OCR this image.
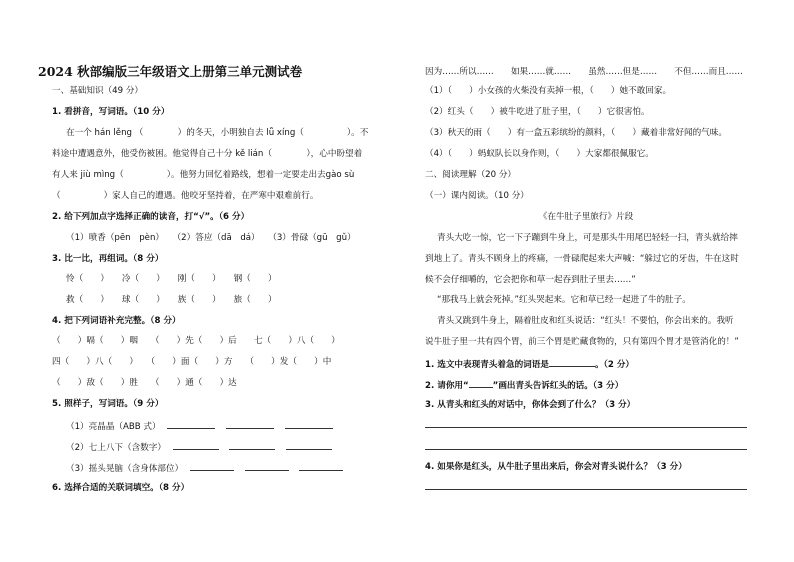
2024 秋部编版三年级语文上册第三单元测试卷
一、基础知识（49 分）
1. 看拼音，写词语。（10 分）
在一个 hán lěng （　　　　）的冬天，小明独自去 lǚ xíng（　　　　　）。不
料途中遭遇意外，他受伤被困。他觉得自己十分 kě lián（　　　　），心中盼望着
有人来 jiù mìng（　　　　　）。他努力回忆着路线，想着一定要走出去gào sù
（　　　　　）家人自己的遭遇。他咬牙坚持着，在严寒中艰难前行。
2. 给下列加点字选择正确的读音，打“√”。（6 分）
（1）喷香（pēn　pèn）　　（2）答应（dā　dá）　　（3）骨碌（gū　gǔ）
3. 比一比，再组词。（8 分）
怜（　　）　　冷（　　）　　刚（　　）　　钢（　　）
救（　　）　　球（　　）　　族（　　）　　旅（　　）
4. 把下列词语补充完整。（8 分）
（　　）嗝（　　）咽　　（　　）先（　　）后　　七（　　）八（　　）
四（　　）八（　　）　　（　　）面（　　）方　　（　　）发（　　）中
（　　）敌（　　）胜　　（　　）通（　　）达
5. 照样子，写词语。（9 分）
（1）亮晶晶（ABB 式）
（2）七上八下（含数字）
（3）摇头晃脑（含身体部位）
6. 选择合适的关联词填空。（8 分）
因为……所以……　　如果……就……　　虽然……但是……　　不但……而且……
（1）（　　）小女孩的火柴没有卖掉一根，（　　）她不敢回家。
（2）红头（　　）被牛吃进了肚子里，（　　）它很害怕。
（3）秋天的雨（　　）有一盒五彩缤纷的颜料，（　　）藏着非常好闻的气味。
（4）（　　）蚂蚁队长以身作则，（　　）大家都很佩服它。
二、阅读理解（20 分）
（一）课内阅读。（10 分）
《在牛肚子里旅行》片段
青头大吃一惊，它一下子蹦到牛身上，可是那头牛用尾巴轻轻一扫，青头就给摔
到地上了。青头不顾身上的疼痛，一骨碌爬起来大声喊：“躲过它的牙齿，牛在这时
候不会仔细嚼的，它会把你和草一起吞到肚子里去……”
“那我马上就会死掉。”红头哭起来。它和草已经一起进了牛的肚子。
青头又跳到牛身上，隔着肚皮和红头说话：“红头！不要怕，你会出来的。我听
说牛肚子里一共有四个胃，前三个胃是贮藏食物的，只有第四个胃才是管消化的！”
1. 选文中表现青头着急的词语是	。（2 分）
2. 请你用“	”画出青头告诉红头的话。（3 分）
3. 从青头和红头的对话中，你体会到了什么？（3 分）
4. 如果你是红头，从牛肚子里出来后，你会对青头说什么？（3 分）
